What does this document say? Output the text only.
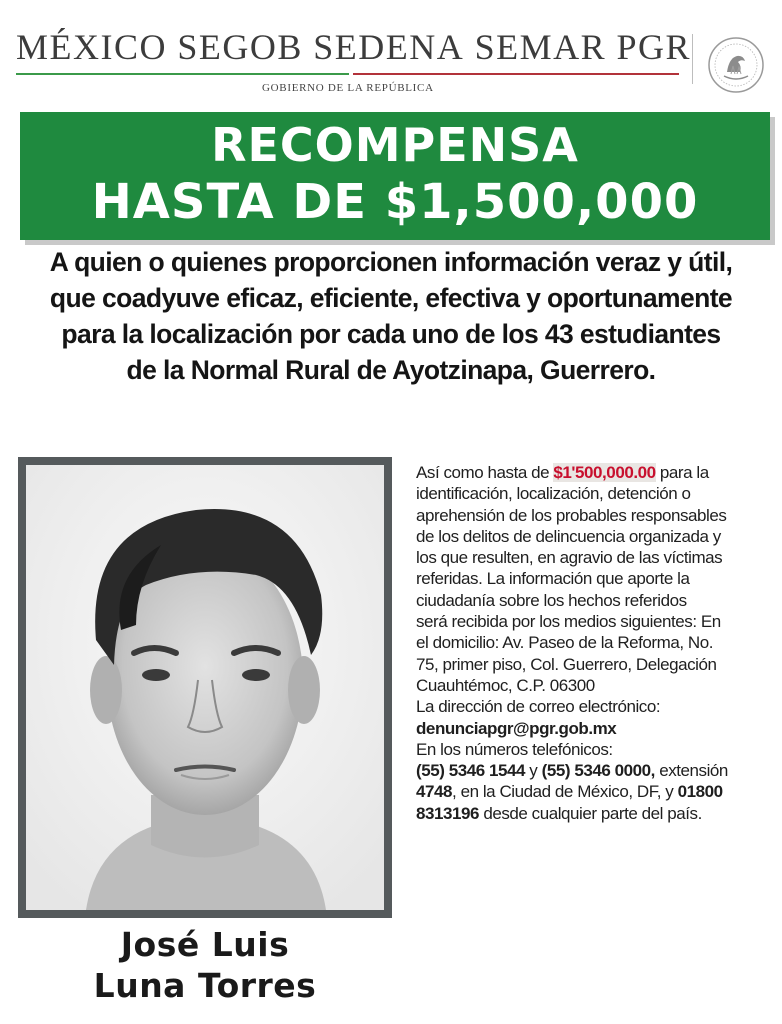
MÉXICO SEGOB SEDENA SEMAR PGR
GOBIERNO DE LA REPÚBLICA
RECOMPENSA
HASTA DE $1,500,000
A quien o quienes proporcionen información veraz y útil,
que coadyuve eficaz, eficiente, efectiva y oportunamente
para la localización por cada uno de los 43 estudiantes
de la Normal Rural de Ayotzinapa, Guerrero.
José Luis
Luna Torres
Así como hasta de $1'500,000.00 para la
identificación, localización, detención o
aprehensión de los probables responsables
de los delitos de delincuencia organizada y
los que resulten, en agravio de las víctimas
referidas. La información que aporte la
ciudadanía sobre los hechos referidos
será recibida por los medios siguientes: En
el domicilio: Av. Paseo de la Reforma, No.
75, primer piso, Col. Guerrero, Delegación
Cuauhtémoc, C.P. 06300
La dirección de correo electrónico:
denunciapgr@pgr.gob.mx
En los números telefónicos:
(55) 5346 1544 y (55) 5346 0000, extensión
4748, en la Ciudad de México, DF, y 01800
8313196 desde cualquier parte del país.
